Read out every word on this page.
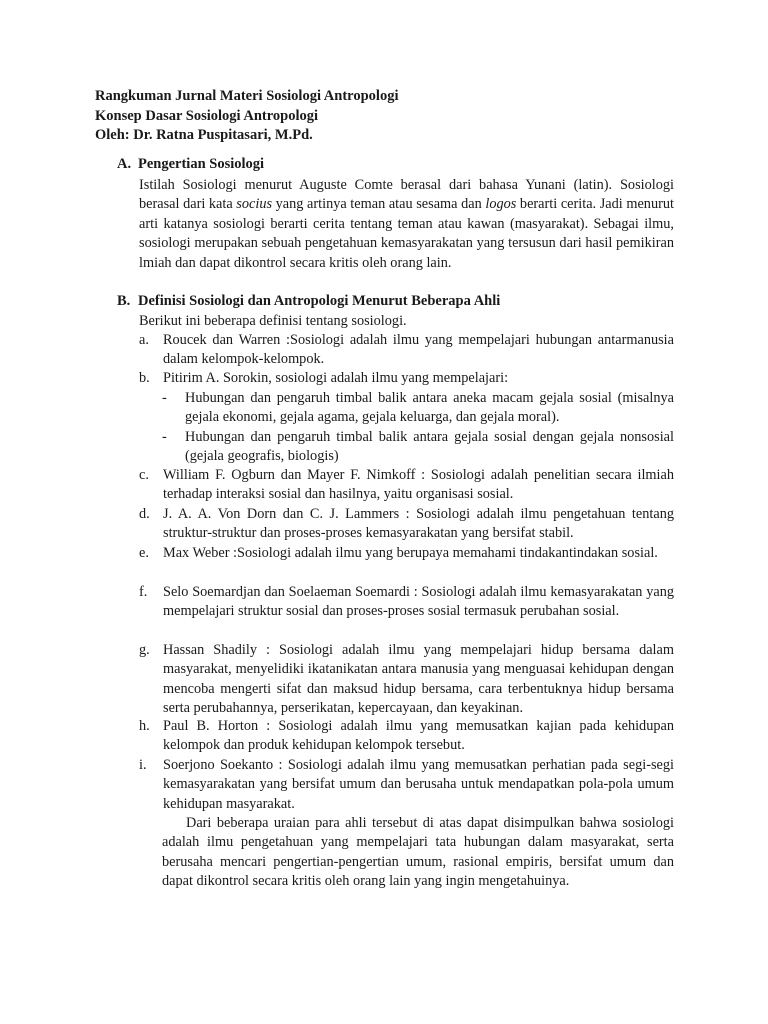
Rangkuman Jurnal Materi Sosiologi Antropologi
Konsep Dasar Sosiologi Antropologi
Oleh: Dr. Ratna Puspitasari, M.Pd.
A. Pengertian Sosiologi
Istilah Sosiologi menurut Auguste Comte berasal dari bahasa Yunani (latin). Sosiologi berasal dari kata socius yang artinya teman atau sesama dan logos berarti cerita. Jadi menurut arti katanya sosiologi berarti cerita tentang teman atau kawan (masyarakat). Sebagai ilmu, sosiologi merupakan sebuah pengetahuan kemasyarakatan yang tersusun dari hasil pemikiran lmiah dan dapat dikontrol secara kritis oleh orang lain.
B. Definisi Sosiologi dan Antropologi Menurut Beberapa Ahli
Berikut ini beberapa definisi tentang sosiologi.
a. Roucek dan Warren :Sosiologi adalah ilmu yang mempelajari hubungan antarmanusia dalam kelompok-kelompok.
b. Pitirim A. Sorokin, sosiologi adalah ilmu yang mempelajari:
- Hubungan dan pengaruh timbal balik antara aneka macam gejala sosial (misalnya gejala ekonomi, gejala agama, gejala keluarga, dan gejala moral).
- Hubungan dan pengaruh timbal balik antara gejala sosial dengan gejala nonsosial (gejala geografis, biologis)
c. William F. Ogburn dan Mayer F. Nimkoff : Sosiologi adalah penelitian secara ilmiah terhadap interaksi sosial dan hasilnya, yaitu organisasi sosial.
d. J. A. A. Von Dorn dan C. J. Lammers : Sosiologi adalah ilmu pengetahuan tentang struktur-struktur dan proses-proses kemasyarakatan yang bersifat stabil.
e. Max Weber :Sosiologi adalah ilmu yang berupaya memahami tindakantindakan sosial.
f. Selo Soemardjan dan Soelaeman Soemardi : Sosiologi adalah ilmu kemasyarakatan yang mempelajari struktur sosial dan proses-proses sosial termasuk perubahan sosial.
g. Hassan Shadily : Sosiologi adalah ilmu yang mempelajari hidup bersama dalam masyarakat, menyelidiki ikatanikatan antara manusia yang menguasai kehidupan dengan mencoba mengerti sifat dan maksud hidup bersama, cara terbentuknya hidup bersama serta perubahannya, perserikatan, kepercayaan, dan keyakinan.
h. Paul B. Horton : Sosiologi adalah ilmu yang memusatkan kajian pada kehidupan kelompok dan produk kehidupan kelompok tersebut.
i. Soerjono Soekanto : Sosiologi adalah ilmu yang memusatkan perhatian pada segi-segi kemasyarakatan yang bersifat umum dan berusaha untuk mendapatkan pola-pola umum kehidupan masyarakat.
Dari beberapa uraian para ahli tersebut di atas dapat disimpulkan bahwa sosiologi adalah ilmu pengetahuan yang mempelajari tata hubungan dalam masyarakat, serta berusaha mencari pengertian-pengertian umum, rasional empiris, bersifat umum dan dapat dikontrol secara kritis oleh orang lain yang ingin mengetahuinya.
